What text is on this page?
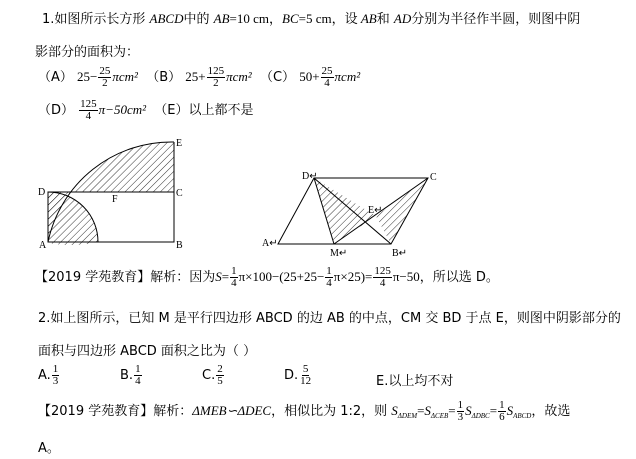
1.如图所示长方形 ABCD中的 AB=10 cm，BC=5 cm，设 AB和 AD分别为半径作半圆，则图中阴
影部分的面积为：
（A） $25- \frac{25}{2} \pi cm^2$ （B） $25+ \frac{125}{2} \pi cm^2$ （C） $50+ \frac{25}{4} \pi cm^2$
$(D) \frac{125}{4} \pi-50cm^2$ （E）以上都不是
E
D
F
C
A	B
D↵	C
E↵
A↵
M↵	B↵
【2019 学苑教育】解析：因为$S= \frac{1}{4} \pi\times 100-(25+25- \frac{1}{4} \pi\times 25)= \frac{125}{4} \pi-50$，所以选 D。
2.如上图所示，已知 M 是平行四边形 ABCD 的边 AB 的中点，CM 交 BD 于点 E，则图中阴影部分的
面积与四边形 ABCD 面积之比为（ ）
A. $\frac{1}{3}$	B. $\frac{1}{4}$	C. $\frac{2}{5}$	D. $\frac{5}{12}$	E.以上均不对
【2019 学苑教育】解析：ΔMEB∽ΔDEC，相似比为 1:2，则 $S_{\Delta DEM}=S_{\Delta CEB}= \frac{1}{3} S_{\Delta DBC}= \frac{1}{6} S_{ABCD}$，故选
A。
